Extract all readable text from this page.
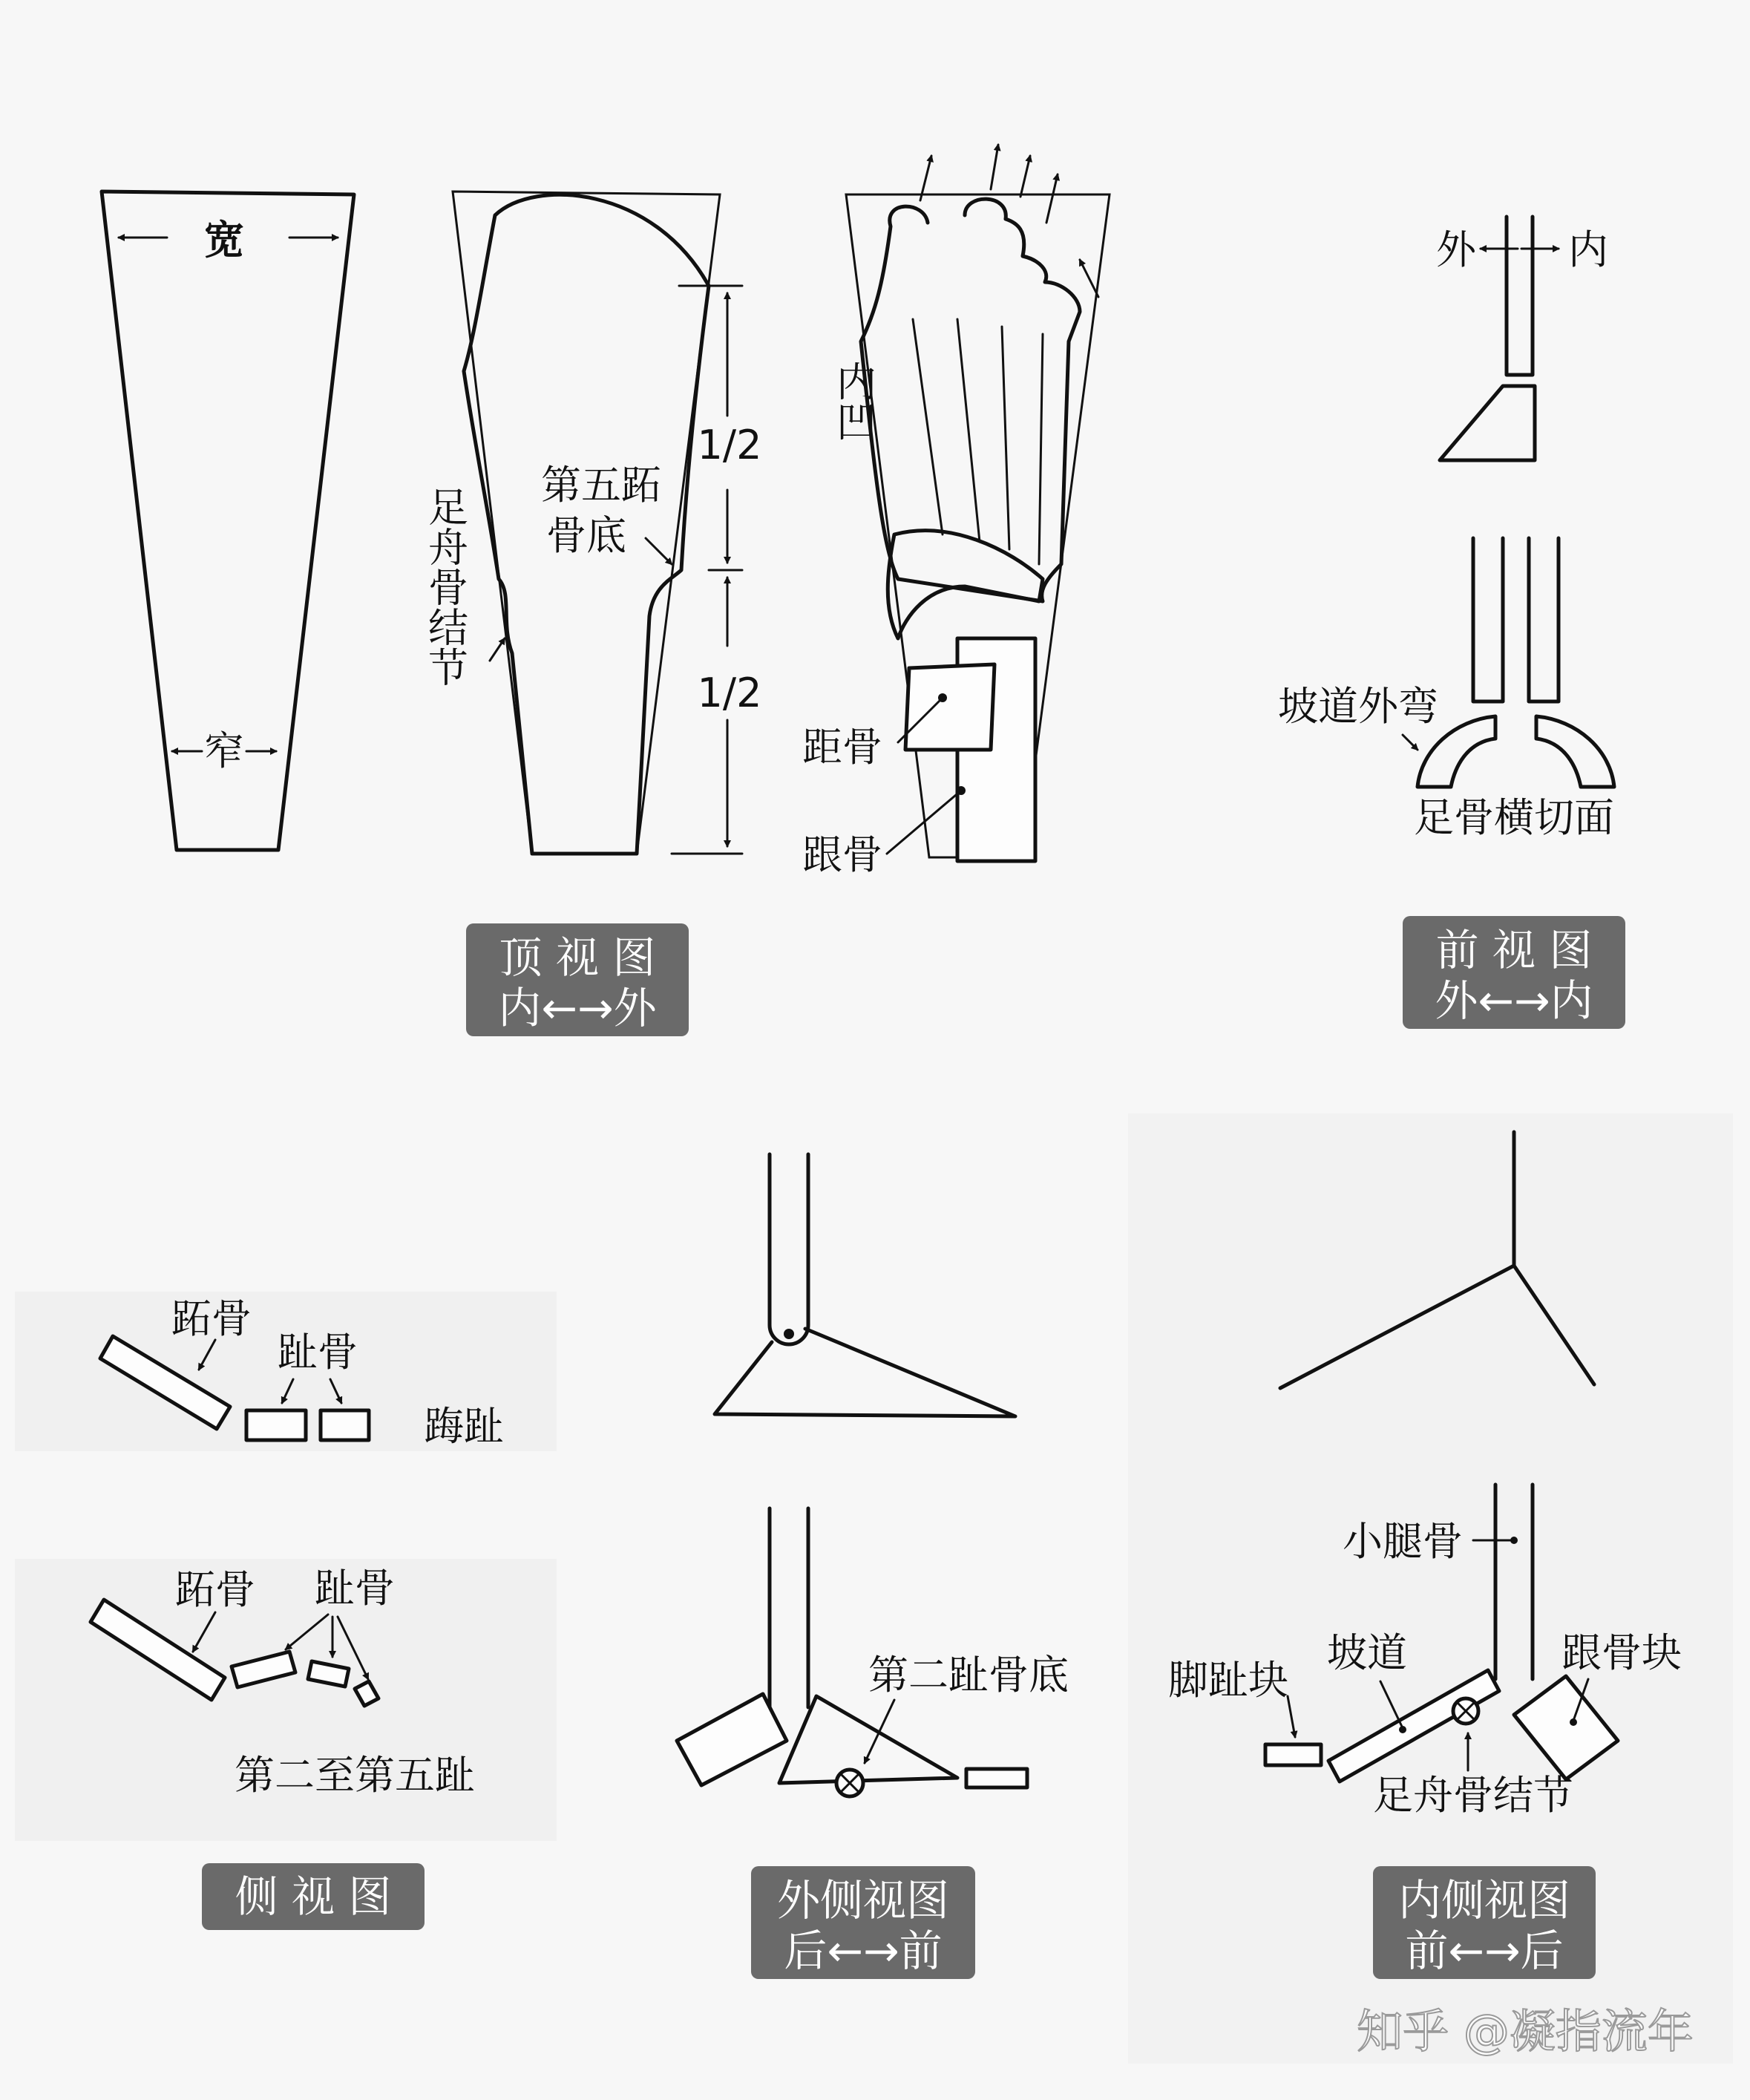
宽
窄
第五跖
骨底
足舟骨结节
1/2
1/2
内凹
距骨
跟骨
顶 视 图
内←→外
外 内
坡道外弯
足骨横切面
前 视 图
外←→内
跖骨
趾骨
踇趾
跖骨 趾骨
第二至第五趾
侧 视 图
第二趾骨底
外侧视图
后←→前
小腿骨
脚趾块
坡道	跟骨块
足舟骨结节
内侧视图
前←→后
知乎 @凝指流年
